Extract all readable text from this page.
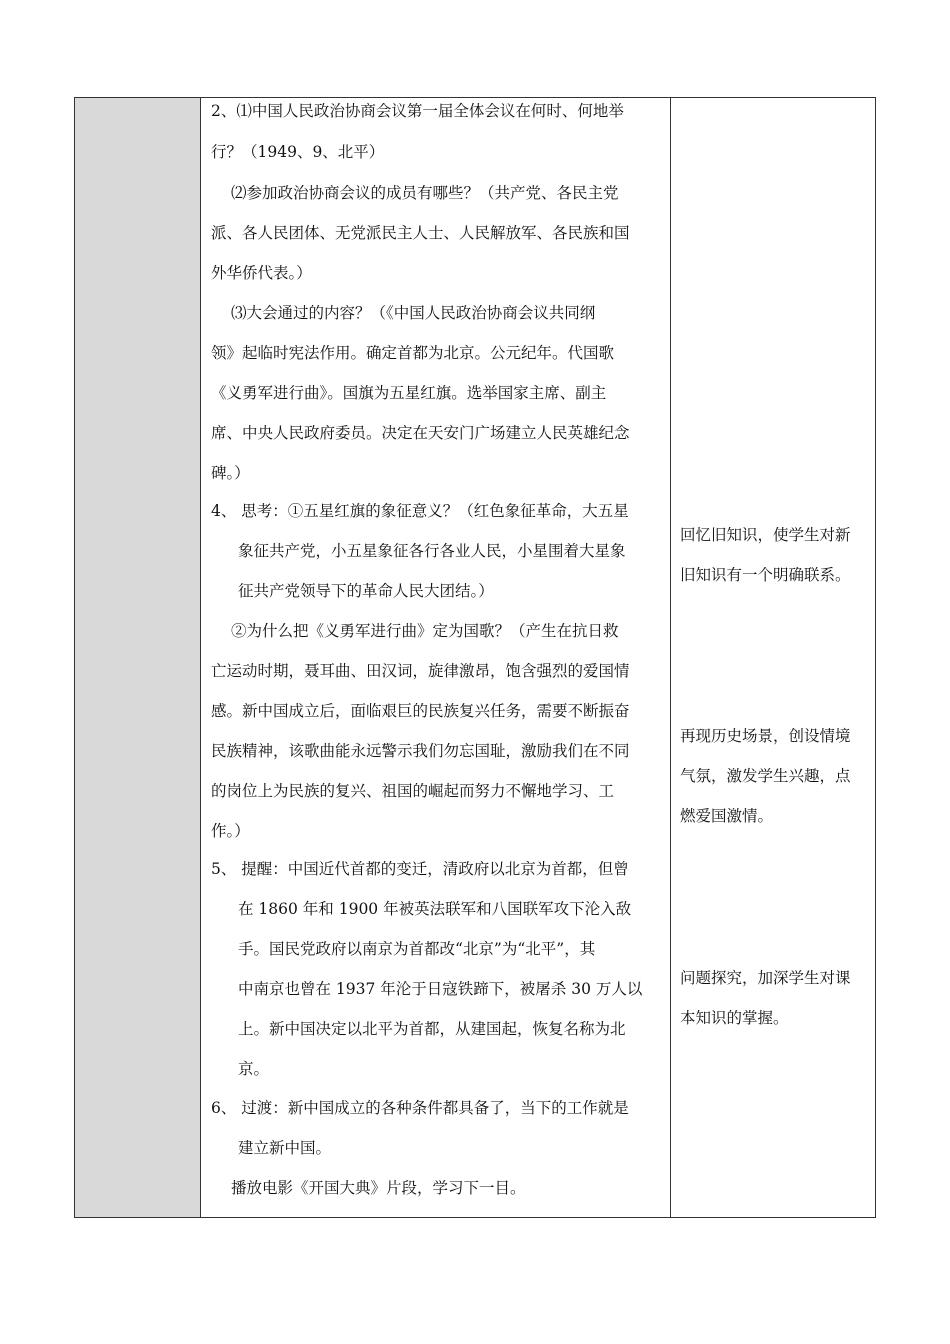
2、⑴中国人民政治协商会议第一届全体会议在何时、何地举
行？（1949、9、北平）
⑵参加政治协商会议的成员有哪些？（共产党、各民主党
派、各人民团体、无党派民主人士、人民解放军、各民族和国
外华侨代表。）
⑶大会通过的内容？（《中国人民政治协商会议共同纲
领》起临时宪法作用。确定首都为北京。公元纪年。代国歌
《义勇军进行曲》。国旗为五星红旗。选举国家主席、副主
席、中央人民政府委员。决定在天安门广场建立人民英雄纪念
碑。）
4、 思考：①五星红旗的象征意义？（红色象征革命，大五星
象征共产党，小五星象征各行各业人民，小星围着大星象
征共产党领导下的革命人民大团结。）
②为什么把《义勇军进行曲》定为国歌？（产生在抗日救
亡运动时期，聂耳曲、田汉词，旋律激昂，饱含强烈的爱国情
感。新中国成立后，面临艰巨的民族复兴任务，需要不断振奋
民族精神，该歌曲能永远警示我们勿忘国耻，激励我们在不同
的岗位上为民族的复兴、祖国的崛起而努力不懈地学习、工
作。）
5、 提醒：中国近代首都的变迁，清政府以北京为首都，但曾
在 1860 年和 1900 年被英法联军和八国联军攻下沦入敌
手。国民党政府以南京为首都改“北京”为“北平”，其
中南京也曾在 1937 年沦于日寇铁蹄下，被屠杀 30 万人以
上。新中国决定以北平为首都，从建国起，恢复名称为北
京。
6、 过渡：新中国成立的各种条件都具备了，当下的工作就是
建立新中国。
播放电影《开国大典》片段，学习下一目。
回忆旧知识，使学生对新
旧知识有一个明确联系。
再现历史场景，创设情境
气氛，激发学生兴趣，点
燃爱国激情。
问题探究，加深学生对课
本知识的掌握。
